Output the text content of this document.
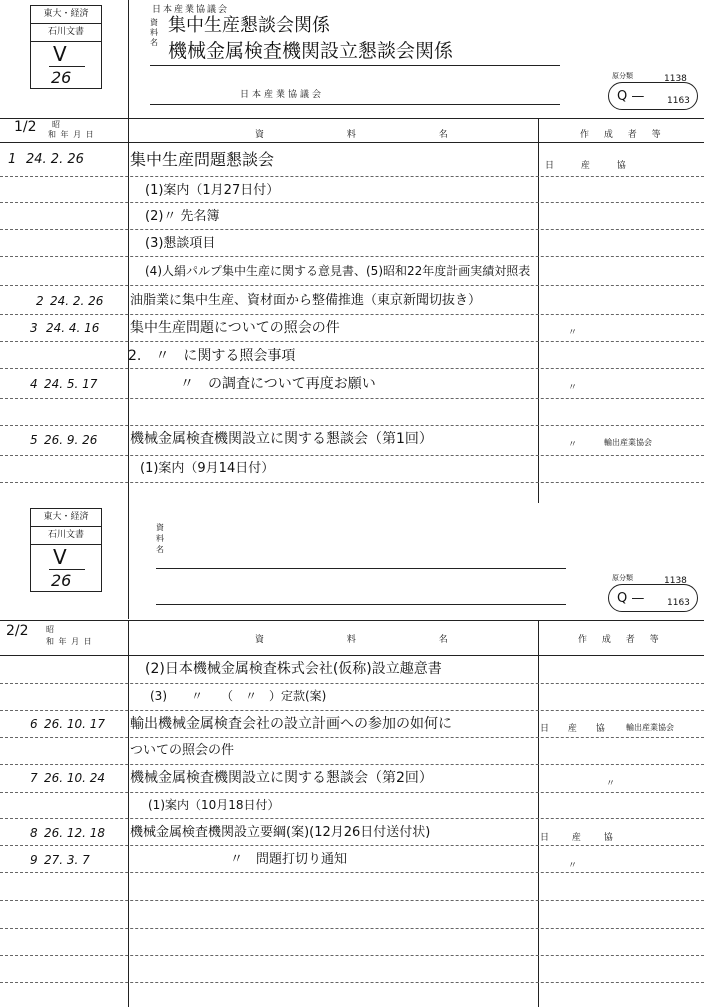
東大・経済
石川文書
V
26
日本産業協議会
資料名
集中生産懇談会関係
機械金属検査機関設立懇談会関係
日本産業協議会
原分類
Q —
1138
1163
1/2 昭
和 年 月 日	資 料 名	作 成 者 等
1 24. 2. 26	集中生産問題懇談会	日 産 協
(1)案内（1月27日付）
(2)〃 先名簿
(3)懇談項目
(4)人絹パルプ集中生産に関する意見書、(5)昭和22年度計画実績対照表
2 24. 2. 26 油脂業に集中生産、資材面から整備推進（東京新聞切抜き）
3 24. 4. 16 集中生産問題についての照会の件	〃
2.　〃　に関する照会事項
4 24. 5. 17	〃　の調査について再度お願い	〃
5 26. 9. 26 機械金属検査機関設立に関する懇談会（第1回）	〃	輸出産業協会
(1)案内（9月14日付）
東大・経済
石川文書
V
26
資料名
原分類
Q —
1138
1163
2/2 昭
和 年 月 日	資 料 名	作 成 者 等
(2)日本機械金属検査株式会社(仮称)設立趣意書
(3)　　〃　　（　〃　）定款(案)
6 26. 10. 17 輸出機械金属検査会社の設立計画への参加の如何に	日 産 協 輸出産業協会
ついての照会の件
7 26. 10. 24 機械金属検査機関設立に関する懇談会（第2回）	〃
(1)案内（10月18日付）
8 26. 12. 18 機械金属検査機関設立要綱(案)(12月26日付送付状)	日 産 協
9 27. 3. 7	〃　問題打切り通知	〃
